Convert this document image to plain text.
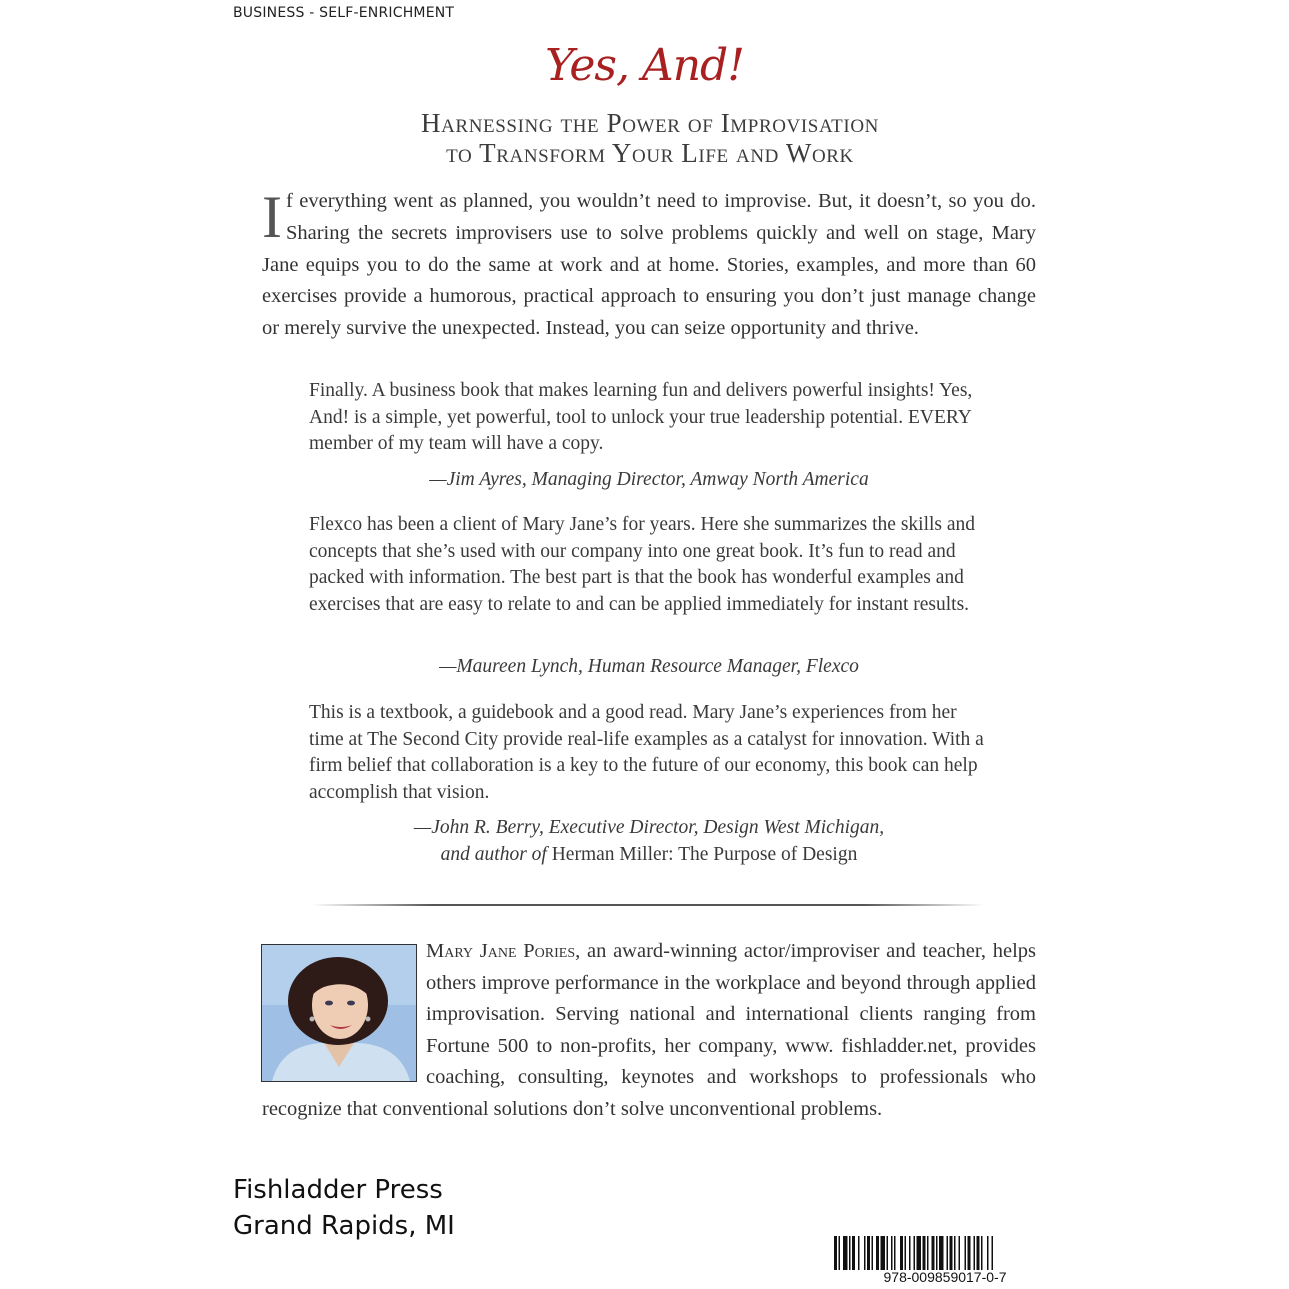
BUSINESS - SELF-ENRICHMENT
Yes, And!
Harnessing the Power of Improvisation
to Transform Your Life and Work
If everything went as planned, you wouldn’t need to improvise. But, it doesn’t, so you do. Sharing the secrets improvisers use to solve problems quickly and well on stage, Mary Jane equips you to do the same at work and at home. Stories, examples, and more than 60 exercises provide a humorous, practical approach to ensuring you don’t just manage change or merely survive the unexpected. Instead, you can seize opportunity and thrive.
Finally. A business book that makes learning fun and delivers powerful insights! Yes, And! is a simple, yet powerful, tool to unlock your true leadership potential. EVERY member of my team will have a copy.
—Jim Ayres, Managing Director, Amway North America
Flexco has been a client of Mary Jane’s for years. Here she summarizes the skills and concepts that she’s used with our company into one great book. It’s fun to read and packed with information. The best part is that the book has wonderful examples and exercises that are easy to relate to and can be applied immediately for instant results.
—Maureen Lynch, Human Resource Manager, Flexco
This is a textbook, a guidebook and a good read. Mary Jane’s experiences from her time at The Second City provide real-life examples as a catalyst for innovation. With a firm belief that collaboration is a key to the future of our economy, this book can help accomplish that vision.
—John R. Berry, Executive Director, Design West Michigan,
and author of Herman Miller: The Purpose of Design
Mary Jane Pories, an award-winning actor/improviser and teacher, helps others improve performance in the workplace and beyond through applied improvisation. Serving national and international clients ranging from Fortune 500 to non-profits, her company, www. fishladder.net, provides coaching, consulting, keynotes and workshops to professionals who recognize that conventional solutions don’t solve unconventional problems.
Fishladder Press
Grand Rapids, MI
978-009859017-0-7
